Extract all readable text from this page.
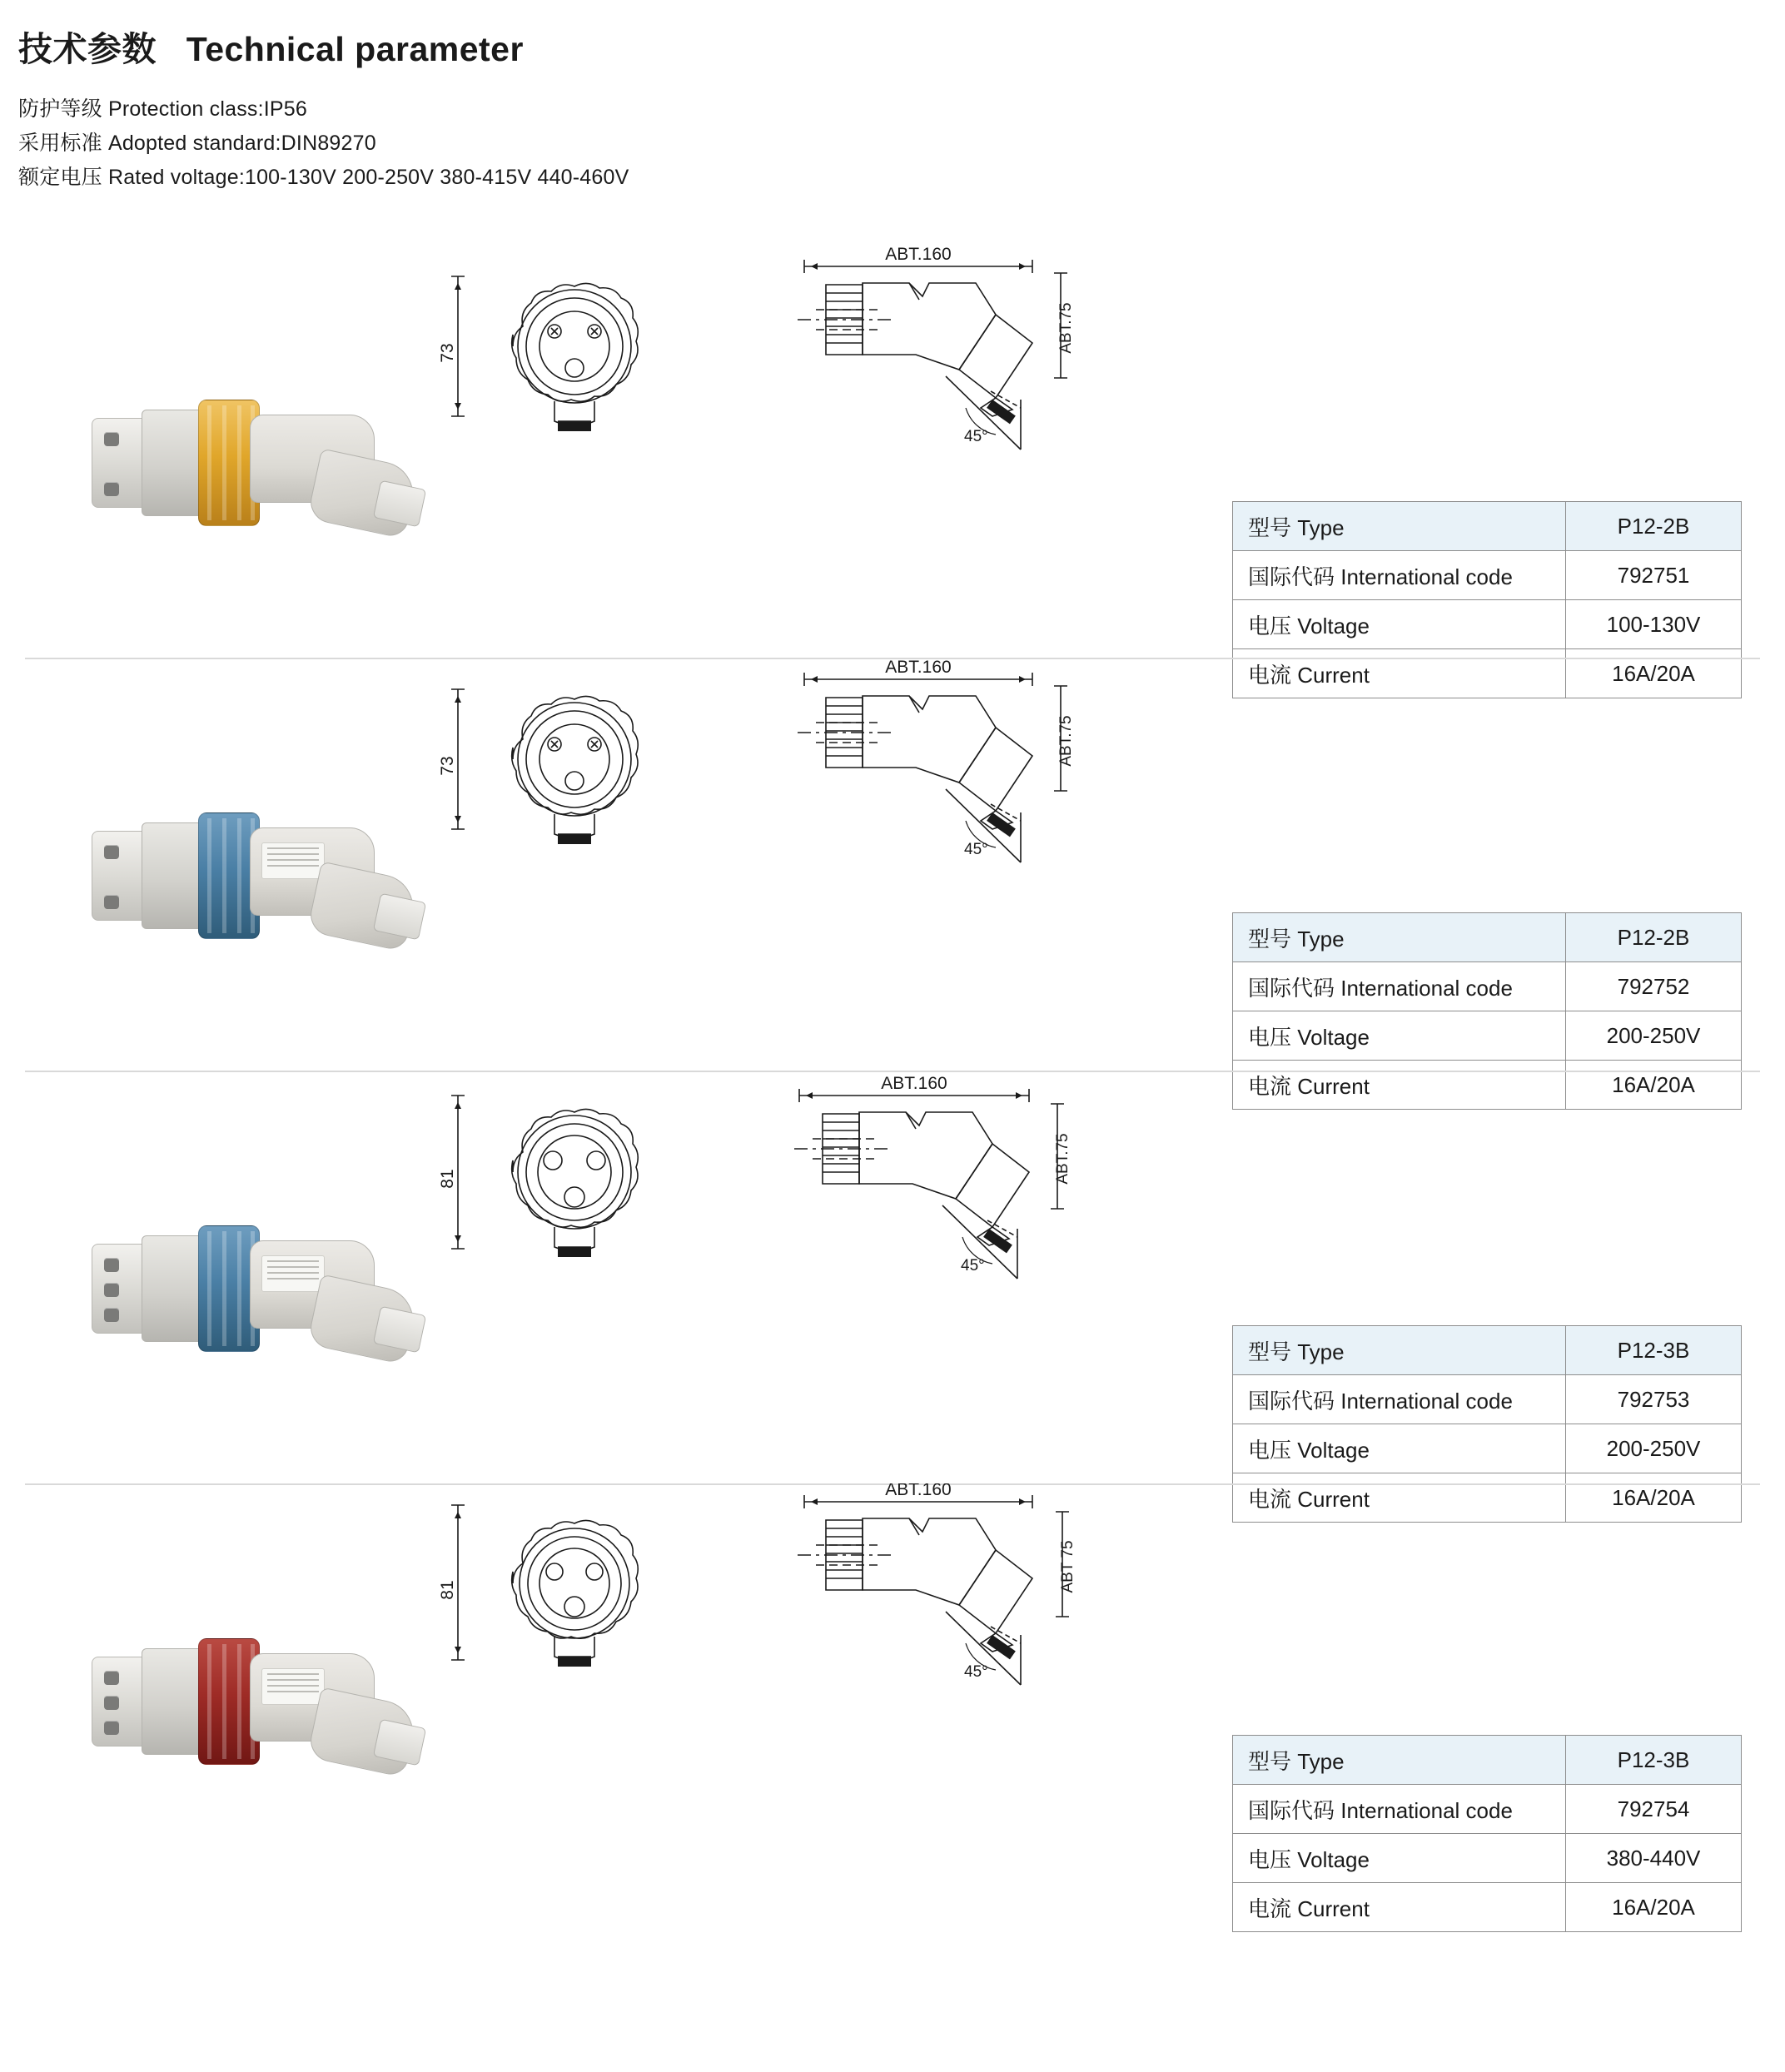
技术参数 Technical parameter

防护等级 Protection class:IP56

采用标准 Adopted standard:DIN89270

额定电压 Rated voltage:100-130V 200-250V 380-415V 440-460V

73
ABT.160
ABT.75
45°
型号 Type	P12-2B
国际代码 International code	792751
电压 Voltage	100-130V
电流 Current	16A/20A
73
ABT.160
ABT.75
45°
型号 Type	P12-2B
国际代码 International code	792752
电压 Voltage	200-250V
电流 Current	16A/20A
81
ABT.160
ABT.75
45°
型号 Type	P12-3B
国际代码 International code	792753
电压 Voltage	200-250V
电流 Current	16A/20A
81
ABT.160
ABT 75
45°
型号 Type	P12-3B
国际代码 International code	792754
电压 Voltage	380-440V
电流 Current	16A/20A
